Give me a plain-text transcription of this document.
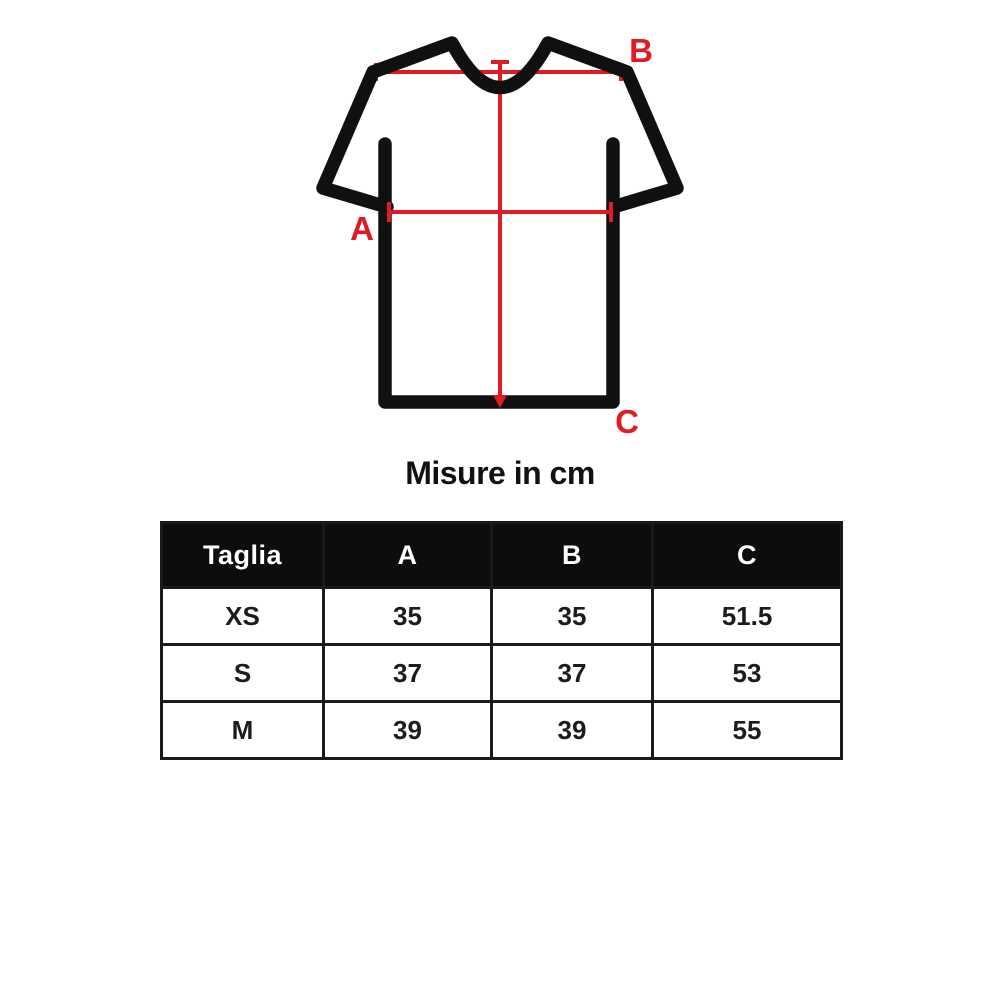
A
B
C
Misure in cm
Taglia	A	B	C
XS	35	35	51.5
S	37	37	53
M	39	39	55
